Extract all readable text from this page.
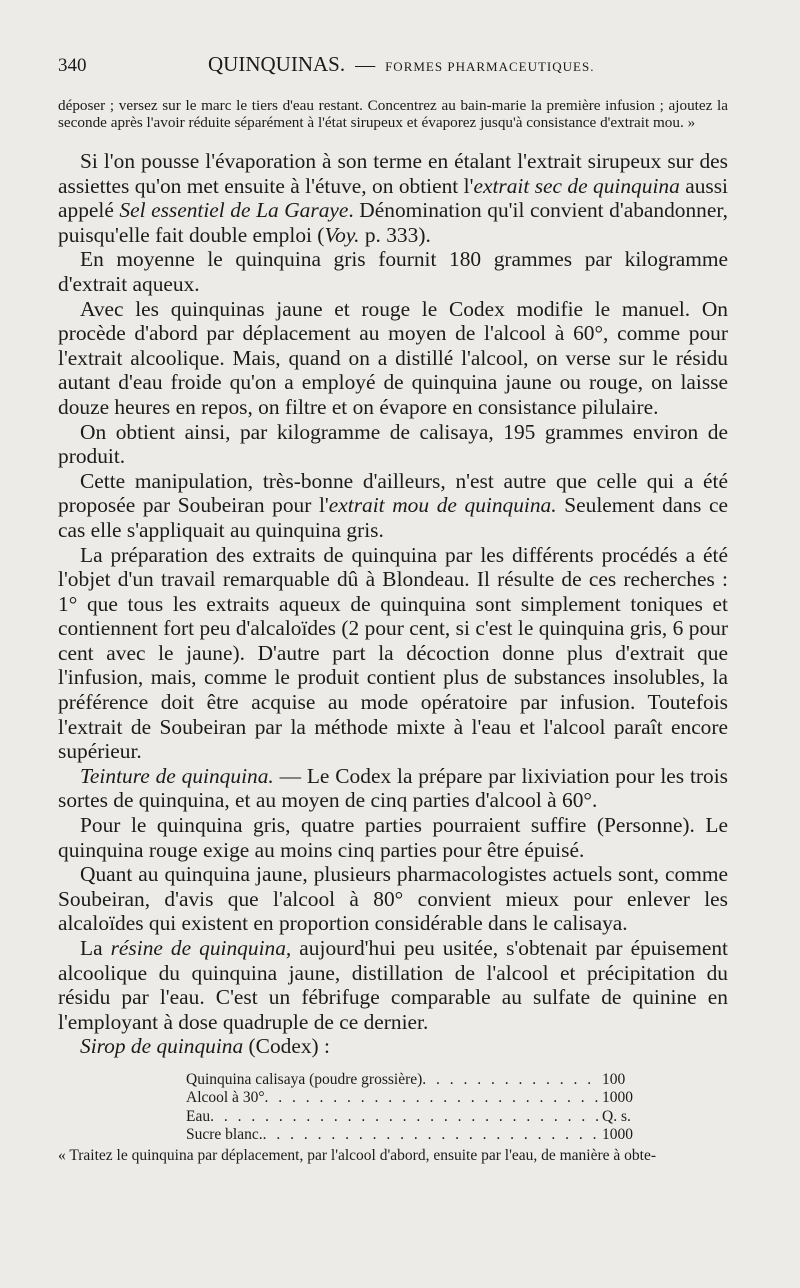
340	QUINQUINAS. — FORMES PHARMACEUTIQUES.

déposer ; versez sur le marc le tiers d'eau restant. Concentrez au bain-marie la première infusion ; ajoutez la seconde après l'avoir réduite séparément à l'état sirupeux et évaporez jusqu'à consistance d'extrait mou. »

Si l'on pousse l'évaporation à son terme en étalant l'extrait sirupeux sur des assiettes qu'on met ensuite à l'étuve, on obtient l'extrait sec de quinquina aussi appelé Sel essentiel de La Garaye. Dénomination qu'il convient d'abandonner, puisqu'elle fait double emploi (Voy. p. 333).

En moyenne le quinquina gris fournit 180 grammes par kilogramme d'extrait aqueux.

Avec les quinquinas jaune et rouge le Codex modifie le manuel. On procède d'abord par déplacement au moyen de l'alcool à 60°, comme pour l'extrait alcoolique. Mais, quand on a distillé l'alcool, on verse sur le résidu autant d'eau froide qu'on a employé de quinquina jaune ou rouge, on laisse douze heures en repos, on filtre et on évapore en consistance pilulaire.

On obtient ainsi, par kilogramme de calisaya, 195 grammes environ de produit.

Cette manipulation, très-bonne d'ailleurs, n'est autre que celle qui a été proposée par Soubeiran pour l'extrait mou de quinquina. Seulement dans ce cas elle s'appliquait au quinquina gris.

La préparation des extraits de quinquina par les différents procédés a été l'objet d'un travail remarquable dû à Blondeau. Il résulte de ces recherches : 1° que tous les extraits aqueux de quinquina sont simplement toniques et contiennent fort peu d'alcaloïdes (2 pour cent, si c'est le quinquina gris, 6 pour cent avec le jaune). D'autre part la décoction donne plus d'extrait que l'infusion, mais, comme le produit contient plus de substances insolubles, la préférence doit être acquise au mode opératoire par infusion. Toutefois l'extrait de Soubeiran par la méthode mixte à l'eau et l'alcool paraît encore supérieur.

Teinture de quinquina. — Le Codex la prépare par lixiviation pour les trois sortes de quinquina, et au moyen de cinq parties d'alcool à 60°.

Pour le quinquina gris, quatre parties pourraient suffire (Personne). Le quinquina rouge exige au moins cinq parties pour être épuisé.

Quant au quinquina jaune, plusieurs pharmacologistes actuels sont, comme Soubeiran, d'avis que l'alcool à 80° convient mieux pour enlever les alcaloïdes qui existent en proportion considérable dans le calisaya.

La résine de quinquina, aujourd'hui peu usitée, s'obtenait par épuisement alcoolique du quinquina jaune, distillation de l'alcool et précipitation du résidu par l'eau. C'est un fébrifuge comparable au sulfate de quinine en l'employant à dose quadruple de ce dernier.

Sirop de quinquina (Codex) :

Quinquina calisaya (poudre grossière) . . .	100
Alcool à 30° . . .	1000
Eau . . .	Q. s.
Sucre blanc. . . .	1000
« Traitez le quinquina par déplacement, par l'alcool d'abord, ensuite par l'eau, de manière à obte-
